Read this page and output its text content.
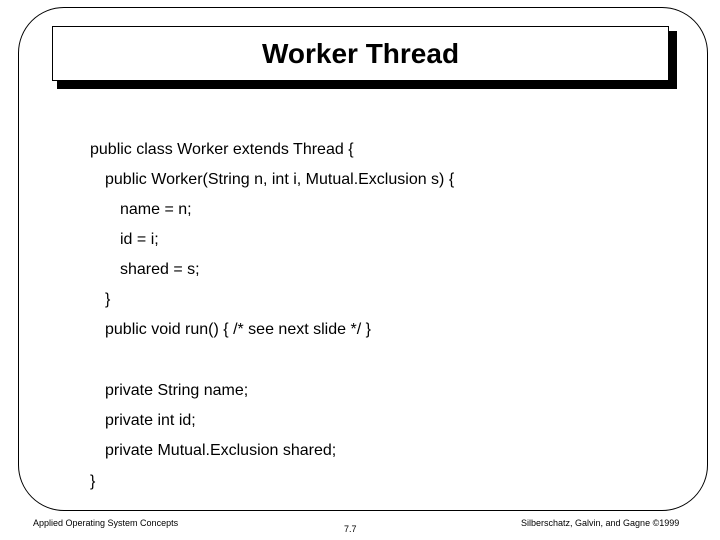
Worker Thread
public class Worker extends Thread {
public Worker(String n, int i, Mutual.Exclusion s) {
name = n;
id = i;
shared = s;
}
public void run() { /* see next slide */ }
private String name;
private int id;
private Mutual.Exclusion shared;
}
Applied Operating System Concepts
7.7
Silberschatz, Galvin, and Gagne ©1999
